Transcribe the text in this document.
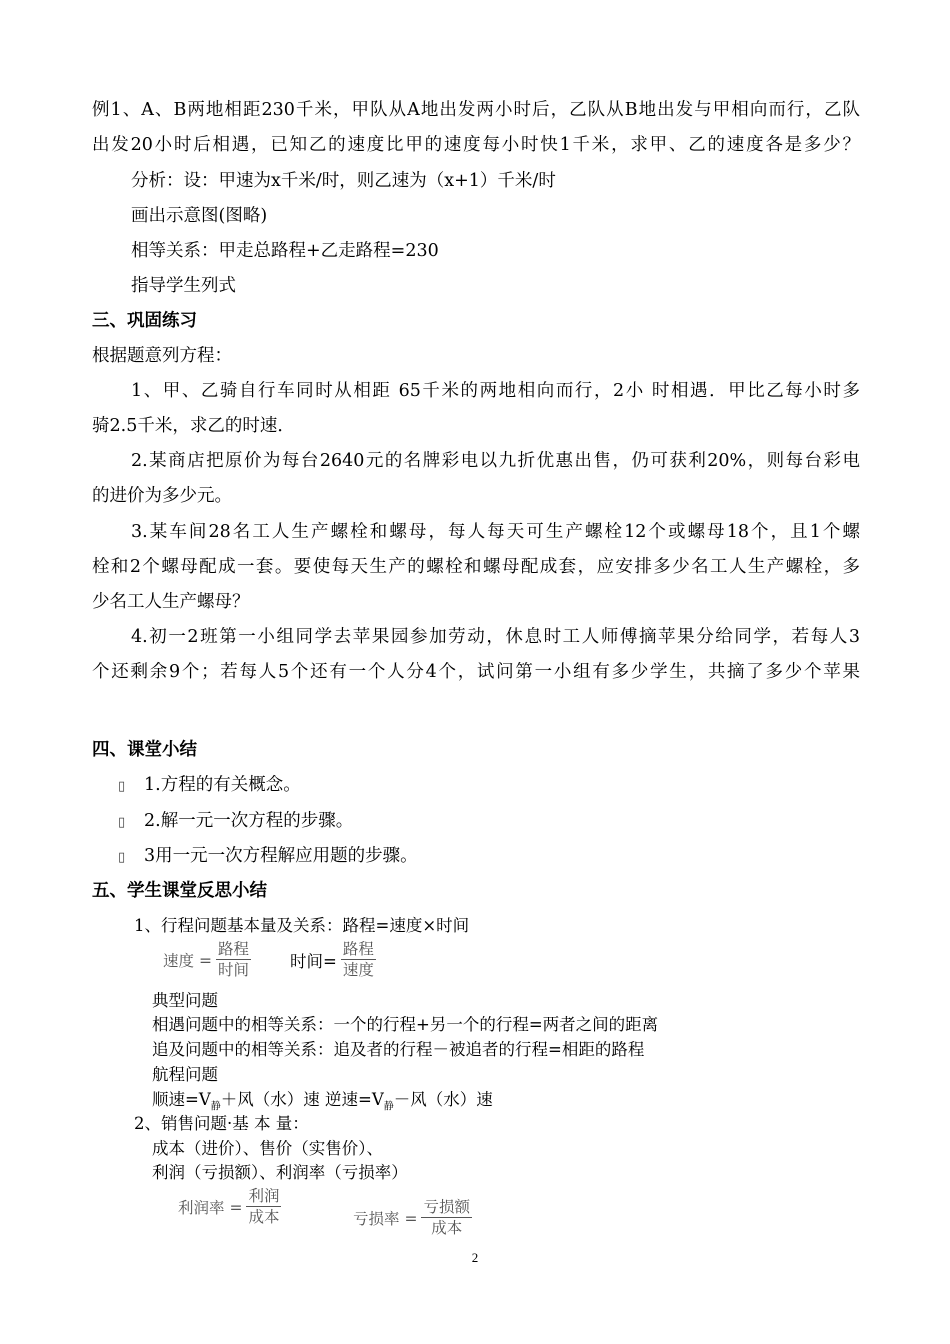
例1、A、B两地相距230千米，甲队从A地出发两小时后，乙队从B地出发与甲相向而行，乙队
出发20小时后相遇，已知乙的速度比甲的速度每小时快1千米，求甲、乙的速度各是多少？
分析：设：甲速为x千米/时，则乙速为（x+1）千米/时
画出示意图(图略)
相等关系：甲走总路程+乙走路程=230
指导学生列式
三、巩固练习
根据题意列方程：
1、甲、乙骑自行车同时从相距 65千米的两地相向而行，2小 时相遇．甲比乙每小时多
骑2.5千米，求乙的时速．
2.某商店把原价为每台2640元的名牌彩电以九折优惠出售，仍可获利20%，则每台彩电
的进价为多少元。
3.某车间28名工人生产螺栓和螺母，每人每天可生产螺栓12个或螺母18个，且1个螺
栓和2个螺母配成一套。要使每天生产的螺栓和螺母配成套，应安排多少名工人生产螺栓，多
少名工人生产螺母？
4.初一2班第一小组同学去苹果园参加劳动，休息时工人师傅摘苹果分给同学，若每人3
个还剩余9个；若每人5个还有一个人分4个，试问第一小组有多少学生，共摘了多少个苹果
四、课堂小结
▯ 1.方程的有关概念。
▯ 2.解一元一次方程的步骤。
▯ 3用一元一次方程解应用题的步骤。
五、学生课堂反思小结
1、行程问题基本量及关系：路程=速度×时间
速度 = $\frac{\text{路程}}{\text{时间}}$ 时间= $\frac{\text{路程}}{\text{速度}}$
典型问题
相遇问题中的相等关系：一个的行程+另一个的行程=两者之间的距离
追及问题中的相等关系：追及者的行程－被追者的行程=相距的路程
航程问题
顺速$=V_静+$风（水）速 逆速$=V_静-$风（水）速
2、销售问题·基 本 量：
成本（进价）、售价（实售价）、
利润（亏损额）、利润率（亏损率）
利润率 = $\frac{\text{利润}}{\text{成本}}$	亏损率 = $\frac{\text{亏损额}}{\text{成本}}$
2
